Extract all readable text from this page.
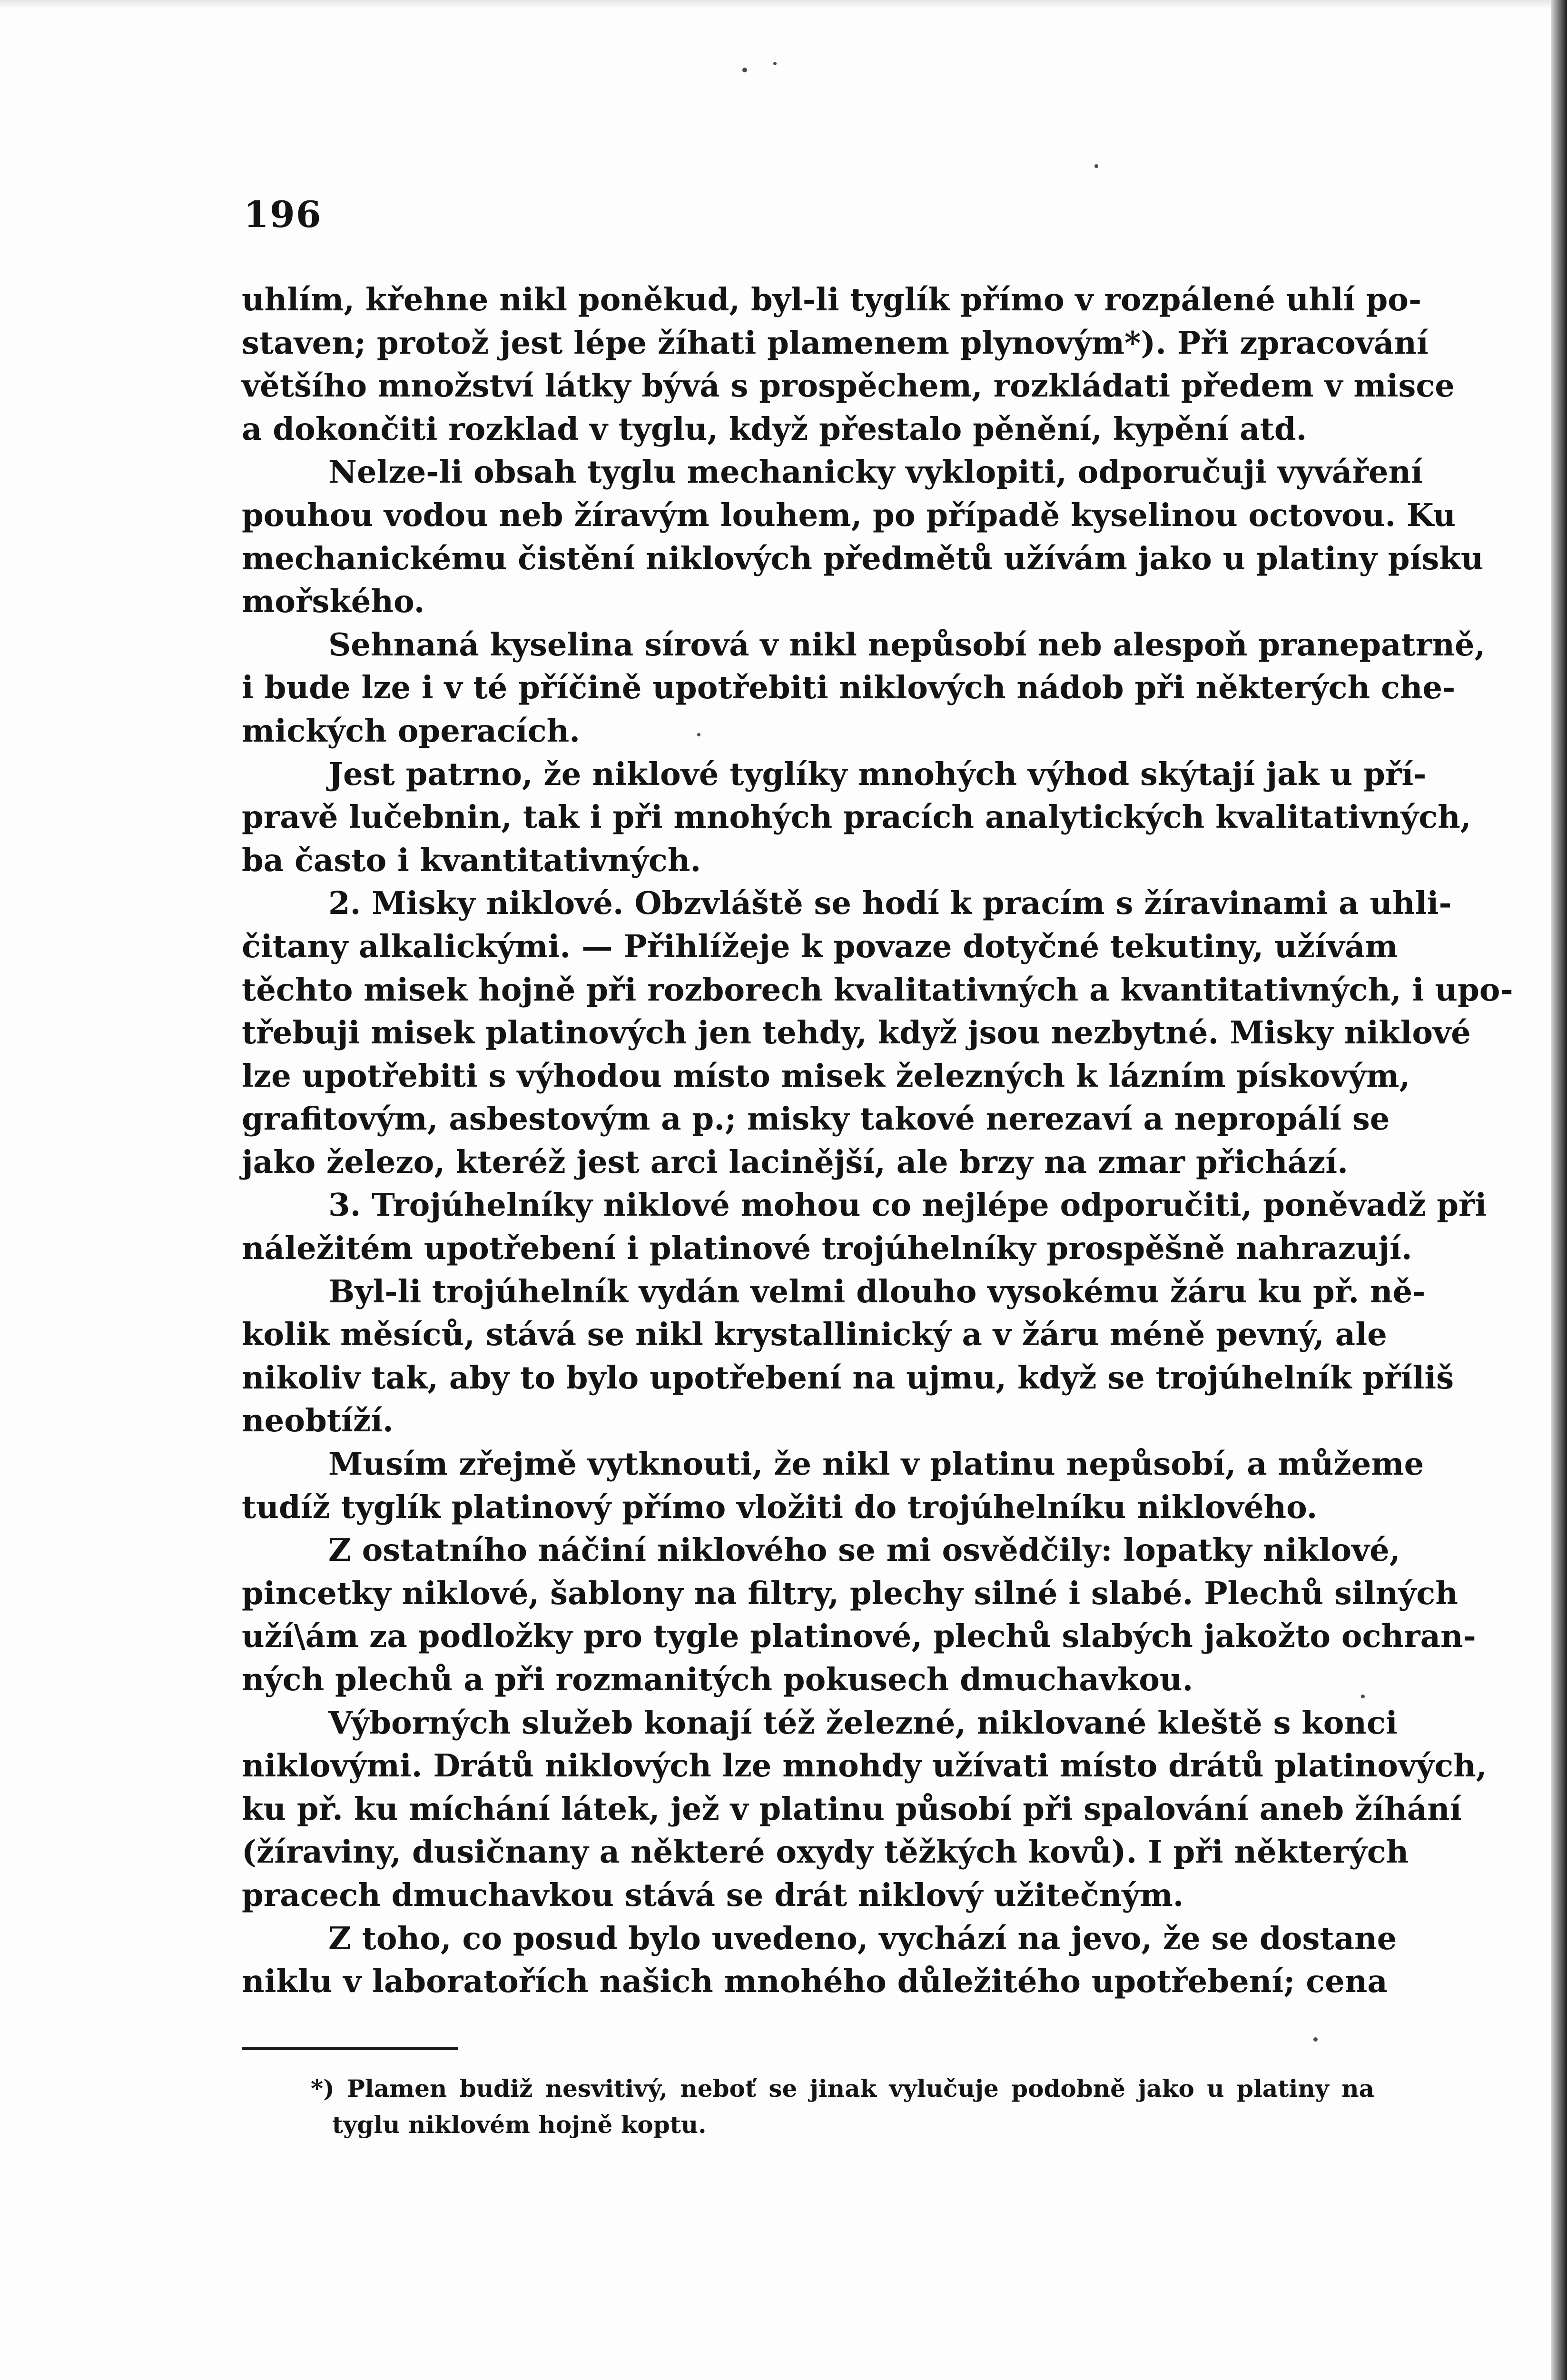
196
uhlím, křehne nikl poněkud, byl-li tyglík přímo v rozpálené uhlí po-
staven; protož jest lépe žíhati plamenem plynovým*). Při zpracování
většího množství látky bývá s prospěchem, rozkládati předem v misce
a dokončiti rozklad v tyglu, když přestalo pěnění, kypění atd.
Nelze-li obsah tyglu mechanicky vyklopiti, odporučuji vyváření
pouhou vodou neb žíravým louhem, po případě kyselinou octovou. Ku
mechanickému čistění niklových předmětů užívám jako u platiny písku
mořského.
Sehnaná kyselina sírová v nikl nepůsobí neb alespoň pranepatrně,
i bude lze i v té příčině upotřebiti niklových nádob při některých che-
mických operacích.
Jest patrno, že niklové tyglíky mnohých výhod skýtají jak u pří-
pravě lučebnin, tak i při mnohých pracích analytických kvalitativných,
ba často i kvantitativných.
2. Misky niklové. Obzvláště se hodí k pracím s žíravinami a uhli-
čitany alkalickými. — Přihlížeje k povaze dotyčné tekutiny, užívám
těchto misek hojně při rozborech kvalitativných a kvantitativných, i upo-
třebuji misek platinových jen tehdy, když jsou nezbytné. Misky niklové
lze upotřebiti s výhodou místo misek železných k lázním pískovým,
grafitovým, asbestovým a p.; misky takové nerezaví a nepropálí se
jako železo, kteréž jest arci lacinější, ale brzy na zmar přichází.
3. Trojúhelníky niklové mohou co nejlépe odporučiti, poněvadž při
náležitém upotřebení i platinové trojúhelníky prospěšně nahrazují.
Byl-li trojúhelník vydán velmi dlouho vysokému žáru ku př. ně-
kolik měsíců, stává se nikl krystallinický a v žáru méně pevný, ale
nikoliv tak, aby to bylo upotřebení na ujmu, když se trojúhelník příliš
neobtíží.
Musím zřejmě vytknouti, že nikl v platinu nepůsobí, a můžeme
tudíž tyglík platinový přímo vložiti do trojúhelníku niklového.
Z ostatního náčiní niklového se mi osvědčily: lopatky niklové,
pincetky niklové, šablony na filtry, plechy silné i slabé. Plechů silných
uží\ám za podložky pro tygle platinové, plechů slabých jakožto ochran-
ných plechů a při rozmanitých pokusech dmuchavkou.
Výborných služeb konají též železné, niklované kleště s konci
niklovými. Drátů niklových lze mnohdy užívati místo drátů platinových,
ku př. ku míchání látek, jež v platinu působí při spalování aneb žíhání
(žíraviny, dusičnany a některé oxydy těžkých kovů). I při některých
pracech dmuchavkou stává se drát niklový užitečným.
Z toho, co posud bylo uvedeno, vychází na jevo, že se dostane
niklu v laboratořích našich mnohého důležitého upotřebení; cena
*) Plamen budiž nesvitivý, neboť se jinak vylučuje podobně jako u platiny na
tyglu niklovém hojně koptu.
